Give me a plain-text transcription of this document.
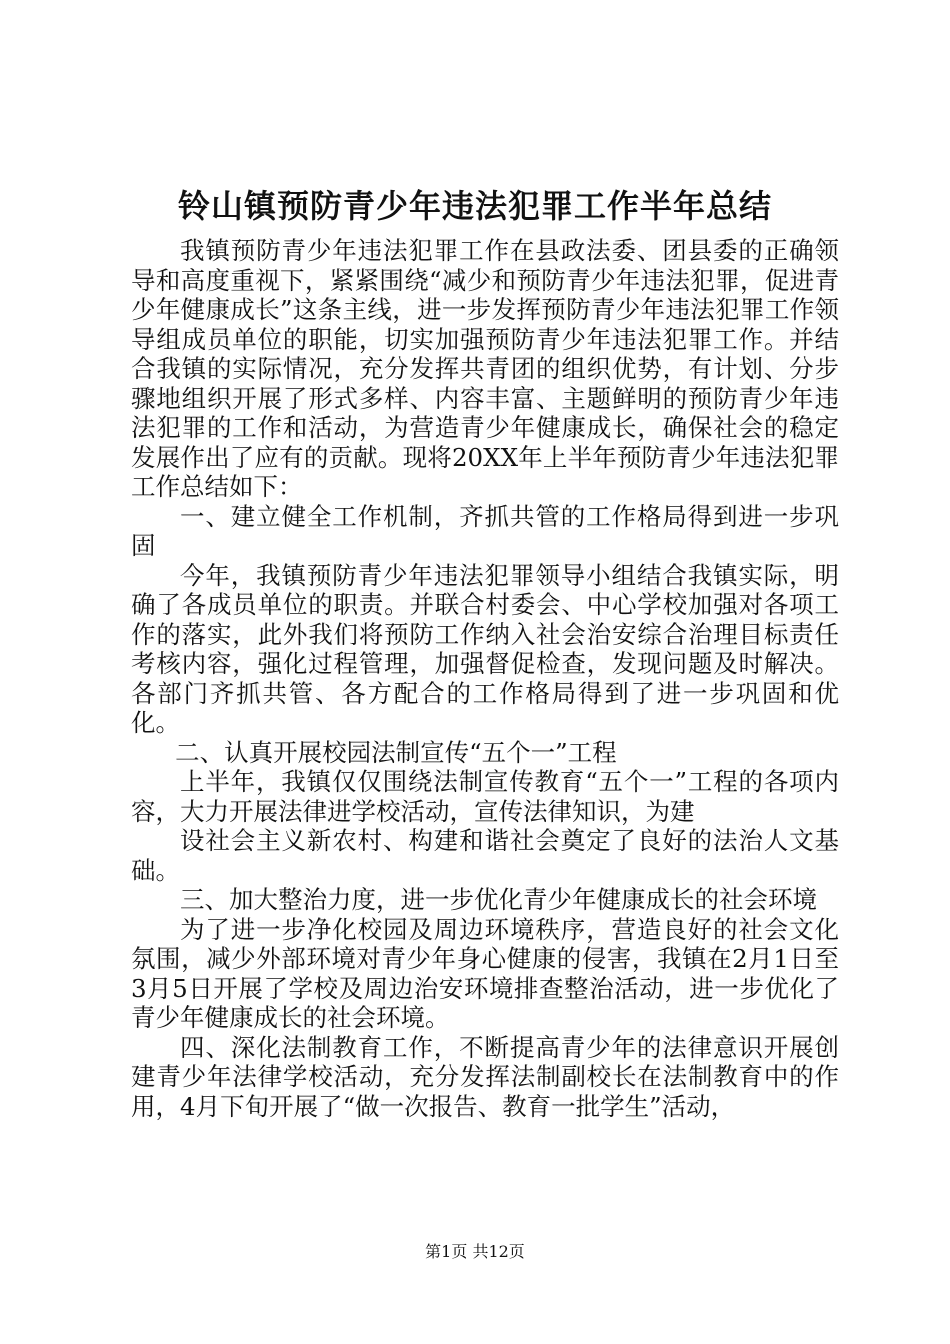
铃山镇预防青少年违法犯罪工作半年总结

我镇预防青少年违法犯罪工作在县政法委、团县委的正确领导和高度重视下，紧紧围绕“减少和预防青少年违法犯罪，促进青少年健康成长”这条主线，进一步发挥预防青少年违法犯罪工作领导组成员单位的职能，切实加强预防青少年违法犯罪工作。并结合我镇的实际情况，充分发挥共青团的组织优势，有计划、分步骤地组织开展了形式多样、内容丰富、主题鲜明的预防青少年违法犯罪的工作和活动，为营造青少年健康成长，确保社会的稳定发展作出了应有的贡献。现将20XX年上半年预防青少年违法犯罪工作总结如下：

一、建立健全工作机制，齐抓共管的工作格局得到进一步巩固

今年，我镇预防青少年违法犯罪领导小组结合我镇实际，明确了各成员单位的职责。并联合村委会、中心学校加强对各项工作的落实，此外我们将预防工作纳入社会治安综合治理目标责任考核内容，强化过程管理，加强督促检查，发现问题及时解决。各部门齐抓共管、各方配合的工作格局得到了进一步巩固和优化。

二、认真开展校园法制宣传“五个一”工程

上半年，我镇仅仅围绕法制宣传教育“五个一”工程的各项内容，大力开展法律进学校活动，宣传法律知识，为建

设社会主义新农村、构建和谐社会奠定了良好的法治人文基础。

三、加大整治力度，进一步优化青少年健康成长的社会环境

为了进一步净化校园及周边环境秩序，营造良好的社会文化氛围，减少外部环境对青少年身心健康的侵害，我镇在2月1日至3月5日开展了学校及周边治安环境排查整治活动，进一步优化了青少年健康成长的社会环境。

四、深化法制教育工作，不断提高青少年的法律意识开展创建青少年法律学校活动，充分发挥法制副校长在法制教育中的作用，4月下旬开展了“做一次报告、教育一批学生”活动，

第1页 共12页
